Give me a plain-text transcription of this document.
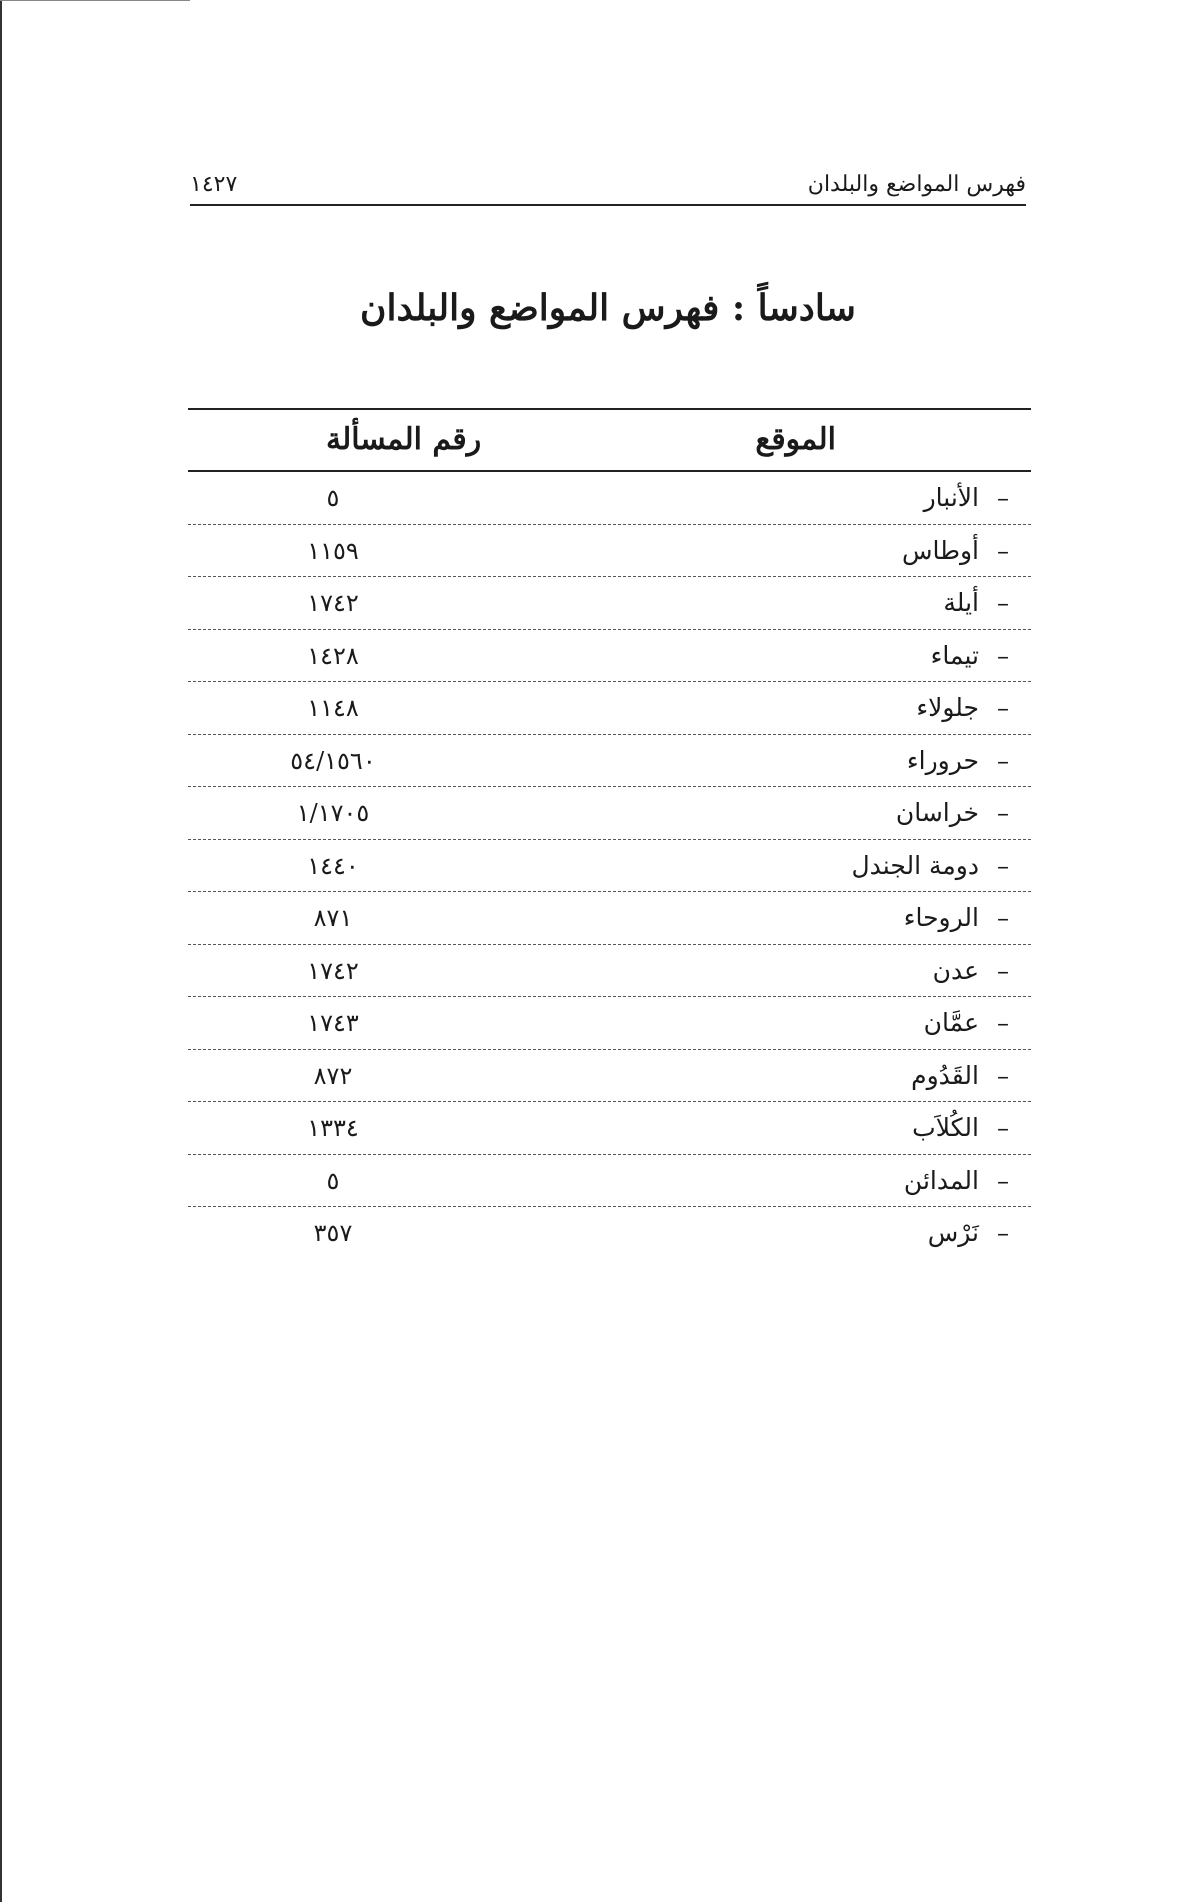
فهرس المواضع والبلدان
١٤٢٧
سادساً : فهرس المواضع والبلدان
الموقع
رقم المسألة
–
الأنبار
٥
–
أوطاس
١١٥٩
–
أيلة
١٧٤٢
–
تيماء
١٤٢٨
–
جلولاء
١١٤٨
–
حروراء
٥٤/١٥٦٠
–
خراسان
١/١٧٠٥
–
دومة الجندل
١٤٤٠
–
الروحاء
٨٧١
–
عدن
١٧٤٢
–
عمَّان
١٧٤٣
–
القَدُوم
٨٧٢
–
الكُلاَب
١٣٣٤
–
المدائن
٥
–
نَرْس
٣٥٧
